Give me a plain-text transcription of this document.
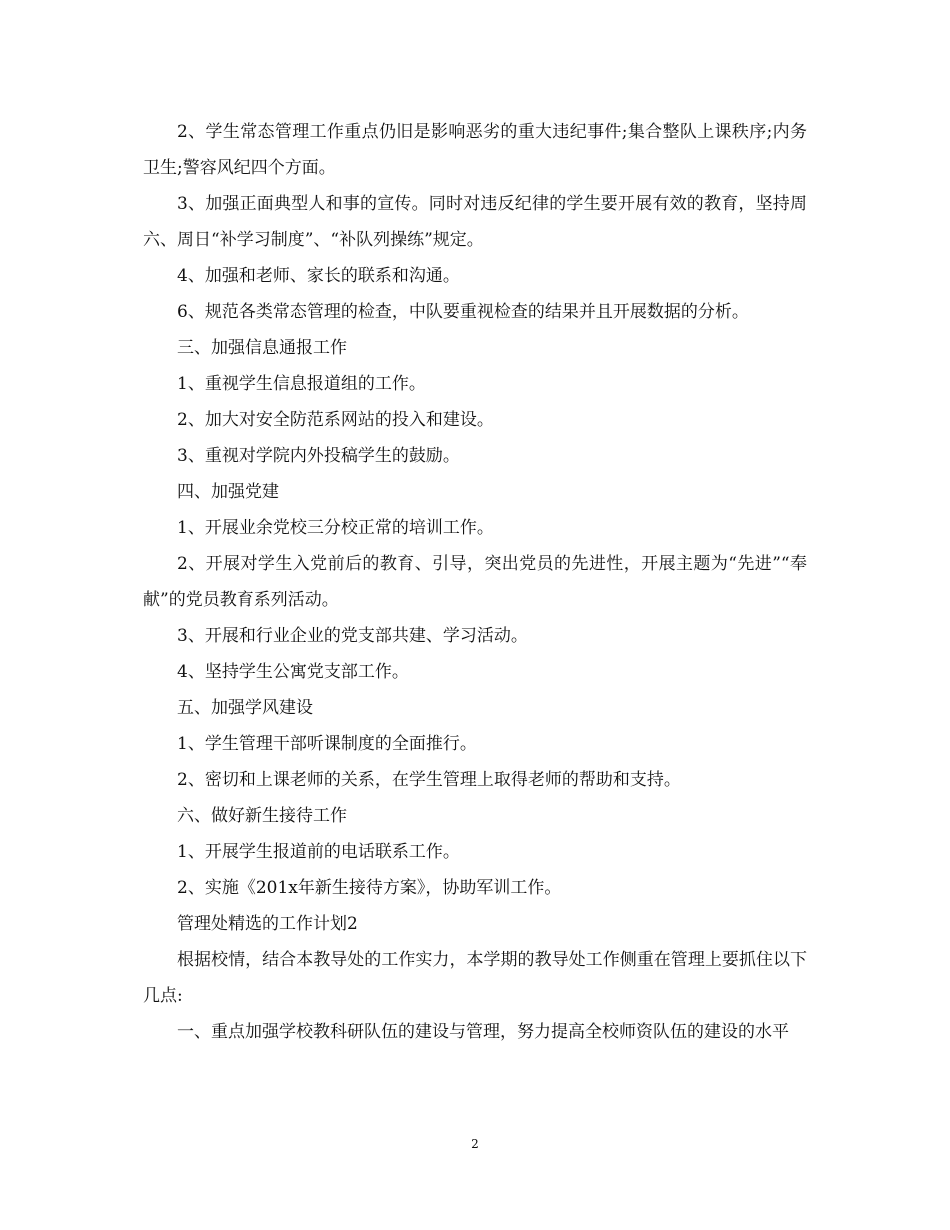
2、学生常态管理工作重点仍旧是影响恶劣的重大违纪事件;集合整队上课秩序;内务卫生;警容风纪四个方面。

3、加强正面典型人和事的宣传。同时对违反纪律的学生要开展有效的教育，坚持周六、周日“补学习制度”、“补队列操练”规定。

4、加强和老师、家长的联系和沟通。

6、规范各类常态管理的检查，中队要重视检查的结果并且开展数据的分析。

三、加强信息通报工作

1、重视学生信息报道组的工作。

2、加大对安全防范系网站的投入和建设。

3、重视对学院内外投稿学生的鼓励。

四、加强党建

1、开展业余党校三分校正常的培训工作。

2、开展对学生入党前后的教育、引导，突出党员的先进性，开展主题为“先进”“奉献”的党员教育系列活动。

3、开展和行业企业的党支部共建、学习活动。

4、坚持学生公寓党支部工作。

五、加强学风建设

1、学生管理干部听课制度的全面推行。

2、密切和上课老师的关系，在学生管理上取得老师的帮助和支持。

六、做好新生接待工作

1、开展学生报道前的电话联系工作。

2、实施《201x年新生接待方案》，协助军训工作。

管理处精选的工作计划2

根据校情，结合本教导处的工作实力，本学期的教导处工作侧重在管理上要抓住以下几点:

一、重点加强学校教科研队伍的建设与管理，努力提高全校师资队伍的建设的水平

2
